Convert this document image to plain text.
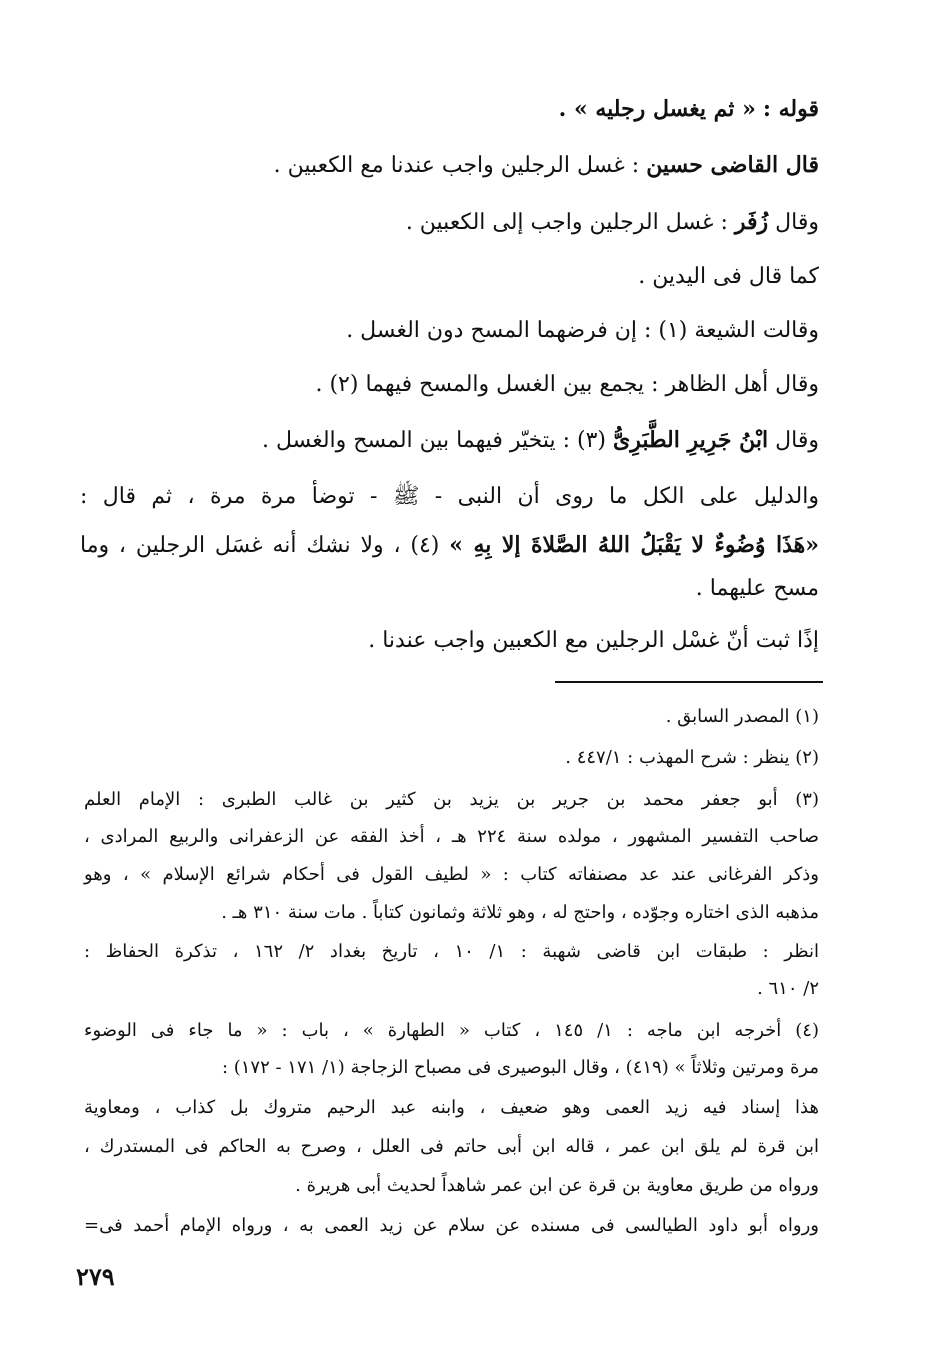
قوله : « ثم يغسل رجليه » .
قال القاضى حسين : غسل الرجلين واجب عندنا مع الكعبين .
وقال زُفَر : غسل الرجلين واجب إلى الكعبين .
كما قال فى اليدين .
وقالت الشيعة (١) : إن فرضهما المسح دون الغسل .
وقال أهل الظاهر : يجمع بين الغسل والمسح فيهما (٢) .
وقال ابْنُ جَرِيرِ الطَّبَرِىُّ (٣) : يتخيّر فيهما بين المسح والغسل .
والدليل على الكل ما روى أن النبى - ﷺ - توضأ مرة مرة ، ثم قال :
«هَذَا وُضُوءٌ لا يَقْبَلُ اللهُ الصَّلاةَ إلا بِهِ » (٤) ، ولا نشك أنه غسَل الرجلين ، وما
مسح عليهما .
إذًا ثبت أنّ غسْل الرجلين مع الكعبين واجب عندنا .
(١) المصدر السابق .
(٢) ينظر : شرح المهذب : ٤٤٧/١ .
(٣) أبو جعفر محمد بن جرير بن يزيد بن كثير بن غالب الطبرى : الإمام العلم
صاحب التفسير المشهور ، مولده سنة ٢٢٤ هـ ، أخذ الفقه عن الزعفرانى والربيع المرادى ،
وذكر الفرغانى عند عد مصنفاته كتاب : « لطيف القول فى أحكام شرائع الإسلام » ، وهو
مذهبه الذى اختاره وجوّده ، واحتج له ، وهو ثلاثة وثمانون كتاباً . مات سنة ٣١٠ هـ .
انظر : طبقات ابن قاضى شهبة : ١/ ١٠ ، تاريخ بغداد ٢/ ١٦٢ ، تذكرة الحفاظ :
٢/ ٦١٠ .
(٤) أخرجه ابن ماجه : ١/ ١٤٥ ، كتاب « الطهارة » ، باب : « ما جاء فى الوضوء
مرة ومرتين وثلاثاً » (٤١٩) ، وقال البوصيرى فى مصباح الزجاجة (١/ ١٧١ - ١٧٢) :
هذا إسناد فيه زيد العمى وهو ضعيف ، وابنه عبد الرحيم متروك بل كذاب ، ومعاوية
ابن قرة لم يلق ابن عمر ، قاله ابن أبى حاتم فى العلل ، وصرح به الحاكم فى المستدرك ،
ورواه من طريق معاوية بن قرة عن ابن عمر شاهداً لحديث أبى هريرة .
ورواه أبو داود الطيالسى فى مسنده عن سلام عن زيد العمى به ، ورواه الإمام أحمد فى=
٢٧٩
